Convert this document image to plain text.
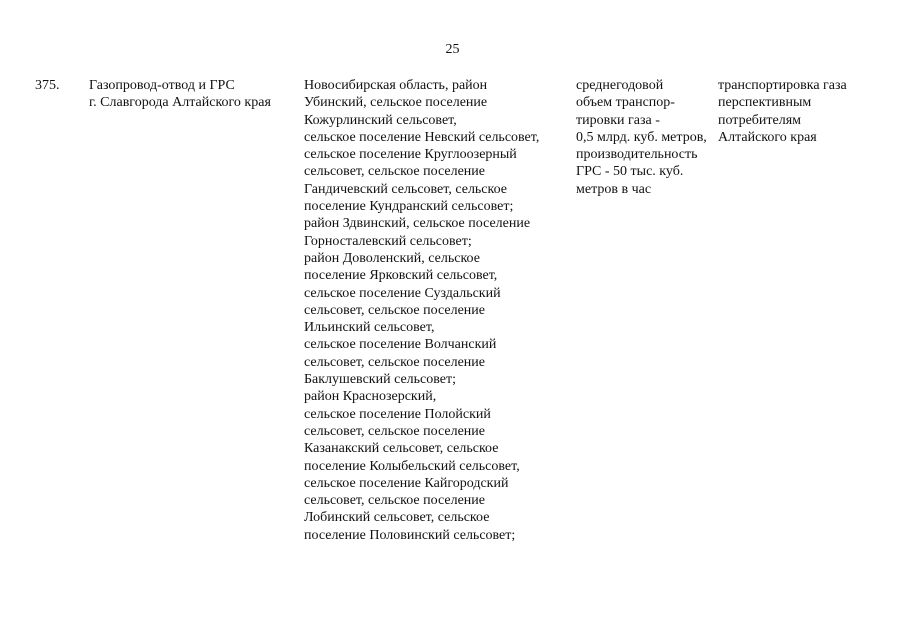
25
375. Газопровод-отвод и ГРС
г. Славгорода Алтайского края
Новосибирская область, район
Убинский, сельское поселение
Кожурлинский сельсовет,
сельское поселение Невский сельсовет,
сельское поселение Круглоозерный
сельсовет, сельское поселение
Гандичевский сельсовет, сельское
поселение Кундранский сельсовет;
район Здвинский, сельское поселение
Горносталевский сельсовет;
район Доволенский, сельское
поселение Ярковский сельсовет,
сельское поселение Суздальский
сельсовет, сельское поселение
Ильинский сельсовет,
сельское поселение Волчанский
сельсовет, сельское поселение
Баклушевский сельсовет;
район Краснозерский,
сельское поселение Полойский
сельсовет, сельское поселение
Казанакский сельсовет, сельское
поселение Колыбельский сельсовет,
сельское поселение Кайгородский
сельсовет, сельское поселение
Лобинский сельсовет, сельское
поселение Половинский сельсовет;
среднегодовой
объем транспор-
тировки газа -
0,5 млрд. куб. метров,
производительность
ГРС - 50 тыс. куб.
метров в час
транспортировка газа
перспективным
потребителям
Алтайского края
